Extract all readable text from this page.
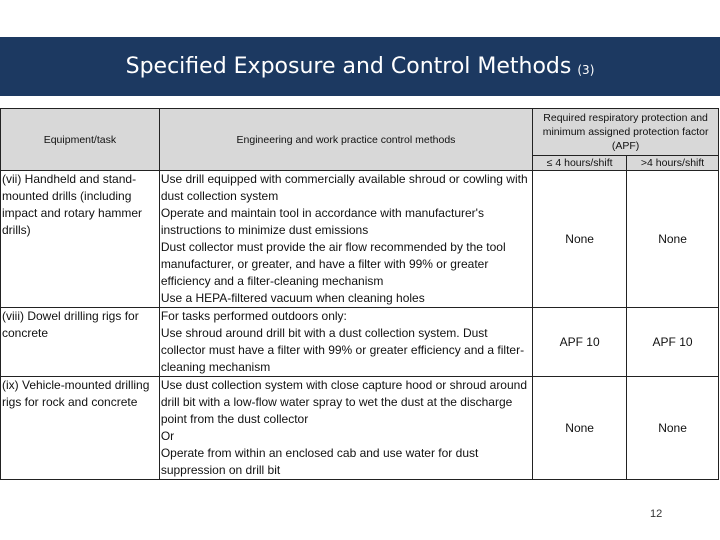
Specified Exposure and Control Methods (3)
Equipment/task	Engineering and work practice control methods	Required respiratory protection and minimum assigned protection factor (APF)	
		≤ 4 hours/shift	>4 hours/shift
(vii) Handheld and stand-mounted drills (including impact and rotary hammer drills)	Use drill equipped with commercially available shroud or cowling with dust collection system
Operate and maintain tool in accordance with manufacturer's instructions to minimize dust emissions
Dust collector must provide the air flow recommended by the tool manufacturer, or greater, and have a filter with 99% or greater efficiency and a filter-cleaning mechanism
Use a HEPA-filtered vacuum when cleaning holes	None	None
(viii) Dowel drilling rigs for concrete	For tasks performed outdoors only:
Use shroud around drill bit with a dust collection system. Dust collector must have a filter with 99% or greater efficiency and a filter-cleaning mechanism	APF 10	APF 10
(ix) Vehicle-mounted drilling rigs for rock and concrete	Use dust collection system with close capture hood or shroud around drill bit with a low-flow water spray to wet the dust at the discharge point from the dust collector
Or
Operate from within an enclosed cab and use water for dust suppression on drill bit	None	None
12
